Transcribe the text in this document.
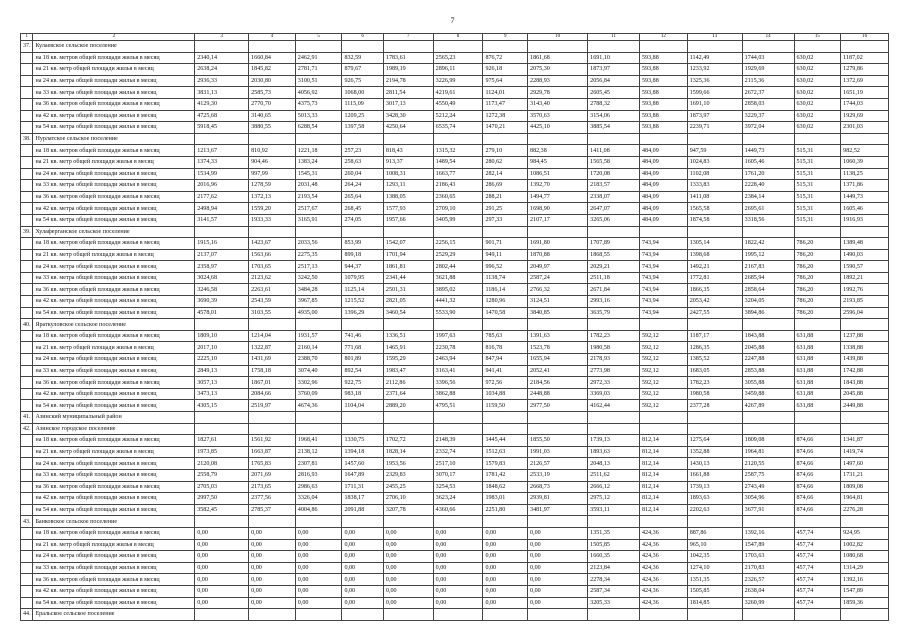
7
1	2	3	4	5	6	7	8	9	10	11	12	13	14	15	16
37.	Кулаевское сельское поселение														
	на 18 кв. метров общей площади жилья в месяц	2340,14	1660,84	2462,91	832,59	1783,61	2565,23	876,72	1861,68	1691,10	593,88	1142,49	1744,03	630,02	1187,02
	на 21 кв. метр общей площади жилья в месяц	2638,24	1845,82	2781,71	879,67	1989,19	2896,11	926,18	2075,30	1873,97	593,88	1233,92	1929,69	630,02	1279,86
	на 24 кв. метра общей площади жилья в месяц	2936,33	2030,80	3100,51	926,75	2194,78	3226,99	975,64	2288,93	2056,84	593,88	1325,36	2115,36	630,02	1372,69
	на 33 кв. метра общей площади жилья в месяц	3831,13	2585,73	4056,92	1068,00	2811,54	4219,61	1124,01	2929,78	2605,45	593,88	1599,66	2672,37	630,02	1651,19
	на 36 кв. метров общей площади жилья в месяц	4129,30	2770,70	4375,73	1115,09	3017,13	4550,49	1173,47	3143,40	2788,32	593,88	1691,10	2858,03	630,02	1744,03
	на 42 кв. метра общей площади жилья в месяц	4725,68	3140,65	5013,33	1209,25	3428,30	5212,24	1272,38	3570,63	3154,06	593,88	1873,97	3229,37	630,02	1929,69
	на 54 кв. метра общей площади жилья в месяц	5918,45	3880,55	6288,54	1397,58	4250,64	6535,74	1470,21	4425,10	3885,54	593,88	2239,71	3972,04	630,02	2301,03
38.	Нурлатское сельское поселение														
	на 18 кв. метров общей площади жилья в месяц	1213,67	810,92	1221,18	257,23	818,43	1315,32	279,10	882,38	1411,08	484,09	947,59	1449,73	515,31	982,52
	на 21 кв. метр общей площади жилья в месяц	1374,33	904,46	1383,24	258,63	913,37	1489,54	280,62	984,45	1565,58	484,09	1024,83	1605,46	515,31	1060,39
	на 24 кв. метра общей площади жилья в месяц	1534,99	997,99	1545,31	260,04	1008,31	1663,77	282,14	1086,51	1720,08	484,09	1102,08	1761,20	515,31	1138,25
	на 33 кв. метра общей площади жилья в месяц	2016,96	1278,59	2031,48	264,24	1293,11	2186,43	286,69	1392,70	2183,57	484,09	1333,83	2228,40	515,31	1371,86
	на 36 кв. метров общей площади жилья в месяц	2177,62	1372,13	2193,54	265,64	1388,05	2360,65	288,21	1494,77	2338,07	484,09	1411,08	2384,14	515,31	1449,73
	на 42 кв. метра общей площади жилья в месяц	2498,94	1559,20	2517,67	268,45	1577,93	2709,10	291,25	1698,90	2647,07	484,09	1565,58	2695,61	515,31	1605,46
	на 54 кв. метра общей площади жилья в месяц	3141,57	1933,33	3165,91	274,05	1957,66	3405,99	297,33	2107,17	3265,06	484,09	1874,58	3318,56	515,31	1916,93
39.	Хулаферганское сельское поселение														
	на 18 кв. метров общей площади жилья в месяц	1915,16	1423,67	2033,56	853,99	1542,07	2256,15	901,71	1691,80	1707,89	743,94	1305,14	1822,42	786,20	1389,48
	на 21 кв. метр общей площади жилья в месяц	2137,07	1563,66	2275,35	899,18	1701,94	2529,29	949,11	1870,88	1868,55	743,94	1398,68	1995,12	786,20	1490,03
	на 24 кв. метра общей площади жилья в месяц	2358,97	1703,65	2517,13	944,37	1861,81	2802,44	996,52	2049,97	2029,21	743,94	1492,21	2167,83	786,20	1590,57
	на 33 кв. метра общей площади жилья в месяц	3024,68	2123,62	3242,50	1079,95	2341,44	3621,88	1138,74	2587,24	2511,18	743,94	1772,81	2685,94	786,20	1892,21
	на 36 кв. метров общей площади жилья в месяц	3246,58	2263,61	3484,28	1125,14	2501,31	3895,02	1186,14	2766,32	2671,84	743,94	1866,35	2858,64	786,20	1992,76
	на 42 кв. метра общей площади жилья в месяц	3690,39	2543,59	3967,85	1215,52	2821,05	4441,32	1280,96	3124,51	2993,16	743,94	2053,42	3204,05	786,20	2193,85
	на 54 кв. метра общей площади жилья в месяц	4578,01	3103,55	4935,00	1396,29	3460,54	5533,90	1470,58	3840,85	3635,79	743,94	2427,55	3894,86	786,20	2596,04
40.	Яраткуловское сельское поселение														
	на 18 кв. метров общей площади жилья в месяц	1809,10	1214,04	1931,57	741,46	1336,51	1997,63	785,63	1391,63	1782,23	592,12	1187,17	1843,88	631,88	1237,88
	на 21 кв. метр общей площади жилья в месяц	2017,10	1322,87	2160,14	771,68	1465,91	2230,78	816,78	1523,78	1980,58	592,12	1286,35	2045,88	631,88	1338,88
	на 24 кв. метра общей площади жилья в месяц	2225,10	1431,69	2388,70	801,89	1595,29	2463,94	847,94	1655,94	2178,93	592,12	1385,52	2247,88	631,88	1439,88
	на 33 кв. метра общей площади жилья в месяц	2849,13	1758,18	3074,40	892,54	1983,47	3163,41	941,41	2052,41	2773,98	592,12	1683,05	2853,88	631,88	1742,88
	на 36 кв. метров общей площади жилья в месяц	3057,13	1867,01	3302,96	922,75	2112,86	3396,56	972,56	2184,56	2972,33	592,12	1782,23	3055,88	631,88	1843,88
	на 42 кв. метра общей площади жилья в месяц	3473,13	2084,66	3760,09	983,18	2371,64	3862,88	1034,88	2448,88	3369,03	592,12	1980,58	3459,88	631,88	2045,88
	на 54 кв. метра общей площади жилья в месяц	4305,15	2519,97	4674,36	1104,04	2889,20	4795,51	1159,50	2977,50	4162,44	592,12	2377,28	4267,89	631,88	2449,88
41.	Азинский муниципальный район														
42.	Азинское городское поселение														
	на 18 кв. метров общей площади жилья в месяц	1827,61	1561,92	1968,41	1330,75	1702,72	2148,39	1445,44	1855,50	1739,13	812,14	1275,64	1809,08	874,66	1341,87
	на 21 кв. метр общей площади жилья в месяц	1973,85	1663,87	2138,12	1394,18	1828,14	2332,74	1512,63	1991,03	1893,63	812,14	1352,88	1964,81	874,66	1419,74
	на 24 кв. метра общей площади жилья в месяц	2120,08	1765,83	2307,81	1457,60	1953,56	2517,10	1579,83	2126,57	2048,13	812,14	1430,13	2120,55	874,66	1497,60
	на 33 кв. метра общей площади жилья в месяц	2558,79	2071,69	2816,93	1647,89	2329,83	3070,17	1781,42	2533,19	2511,62	812,14	1661,88	2587,75	874,66	1731,21
	на 36 кв. метров общей площади жилья в месяц	2705,03	2173,65	2986,63	1711,31	2455,25	3254,53	1848,62	2668,73	2666,12	812,14	1739,13	2743,49	874,66	1809,08
	на 42 кв. метра общей площади жилья в месяц	2997,50	2377,56	3326,04	1838,17	2706,10	3623,24	1983,01	2939,81	2975,12	812,14	1893,63	3054,96	874,66	1964,81
	на 54 кв. метра общей площади жилья в месяц	3582,45	2785,37	4004,86	2091,88	3207,78	4360,66	2251,80	3481,97	3593,11	812,14	2202,63	3677,91	874,66	2276,28
43.	Банковское сельское поселение														
	на 18 кв. метров общей площади жилья в месяц	0,00	0,00	0,00	0,00	0,00	0,00	0,00	0,00	1351,35	424,36	887,86	1392,16	457,74	924,95
	на 21 кв. метр общей площади жилья в месяц	0,00	0,00	0,00	0,00	0,00	0,00	0,00	0,00	1505,85	424,36	965,10	1547,89	457,74	1002,82
	на 24 кв. метра общей площади жилья в месяц	0,00	0,00	0,00	0,00	0,00	0,00	0,00	0,00	1660,35	424,36	1042,35	1703,63	457,74	1080,68
	на 33 кв. метра общей площади жилья в месяц	0,00	0,00	0,00	0,00	0,00	0,00	0,00	0,00	2123,84	424,36	1274,10	2170,83	457,74	1314,29
	на 36 кв. метров общей площади жилья в месяц	0,00	0,00	0,00	0,00	0,00	0,00	0,00	0,00	2278,34	424,36	1351,35	2326,57	457,74	1392,16
	на 42 кв. метра общей площади жилья в месяц	0,00	0,00	0,00	0,00	0,00	0,00	0,00	0,00	2587,34	424,36	1505,85	2638,04	457,74	1547,89
	на 54 кв. метра общей площади жилья в месяц	0,00	0,00	0,00	0,00	0,00	0,00	0,00	0,00	3205,33	424,36	1814,85	3260,99	457,74	1859,36
44.	Еральское сельское поселение														
